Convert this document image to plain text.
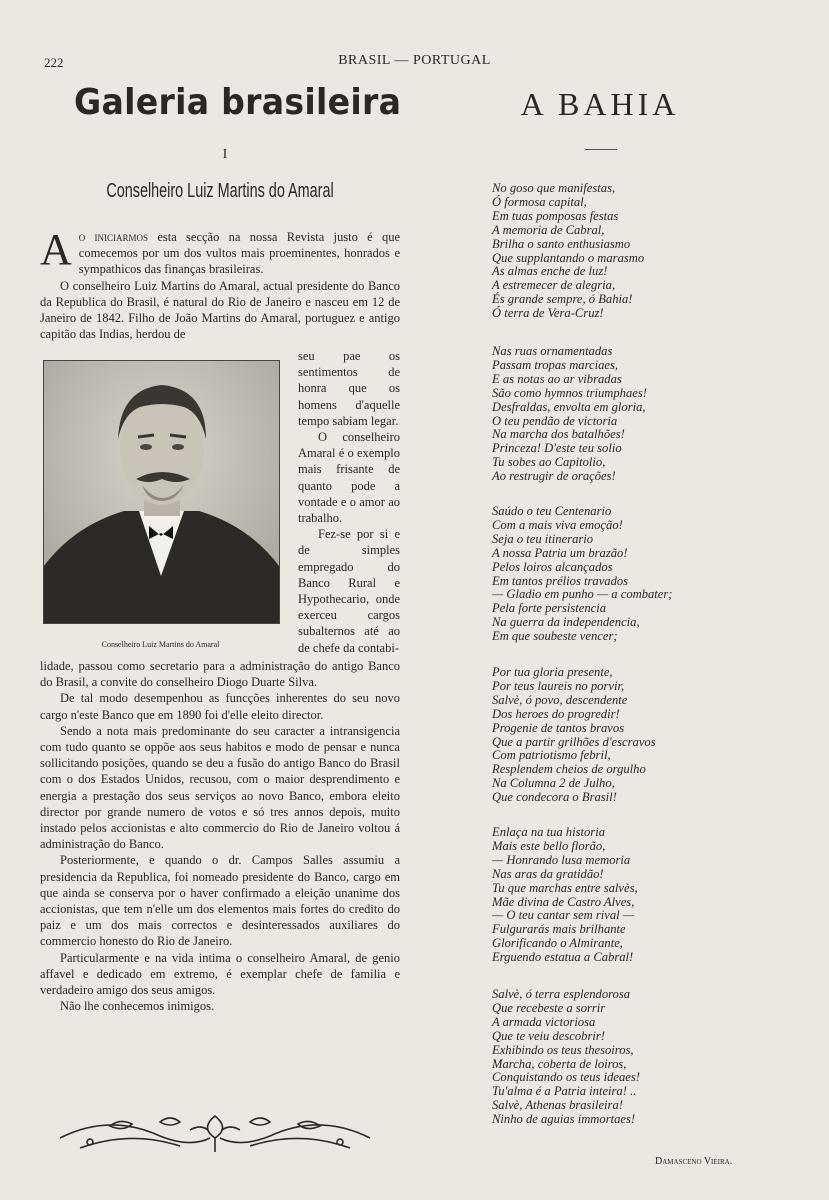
222	BRASIL — PORTUGAL
Galeria brasileira
I
Conselheiro Luiz Martins do Amaral
A o iniciarmos esta secção na nossa Revista justo é que comecemos por um dos vultos mais proeminentes, honrados e sympathicos das finanças brasileiras.

O conselheiro Luiz Martins do Amaral, actual presidente do Banco da Republica do Brasil, é natural do Rio de Janeiro e nasceu em 12 de Janeiro de 1842. Filho de João Martins do Amaral, portuguez e antigo capitão das Indias, herdou de

Conselheiro Luiz Martins do Amaral

seu pae os sentimentos de honra que os homens d'aquelle tempo sabiam legar.

O conselheiro Amaral é o exemplo mais frisante de quanto pode a vontade e o amor ao trabalho.

Fez-se por si e de simples empregado do Banco Rural e Hypothecario, onde exerceu cargos subalternos até ao de chefe da contabi-

lidade, passou como secretario para a administração do antigo Banco do Brasil, a convite do conselheiro Diogo Duarte Silva.

De tal modo desempenhou as funcções inherentes do seu novo cargo n'este Banco que em 1890 foi d'elle eleito director.

Sendo a nota mais predominante do seu caracter a intransigencia com tudo quanto se oppõe aos seus habitos e modo de pensar e nunca sollicitando posições, quando se deu a fusão do antigo Banco do Brasil com o dos Estados Unidos, recusou, com o maior desprendimento e energia a prestação dos seus serviços ao novo Banco, embora eleito director por grande numero de votos e só tres annos depois, muito instado pelos accionistas e alto commercio do Rio de Janeiro voltou á administração do Banco.

Posteriormente, e quando o dr. Campos Salles assumiu a presidencia da Republica, foi nomeado presidente do Banco, cargo em que ainda se conserva por o haver confirmado a eleição unanime dos accionistas, que tem n'elle um dos elementos mais fortes do credito do paiz e um dos mais correctos e desinteressados auxiliares do commercio honesto do Rio de Janeiro.

Particularmente e na vida intima o conselheiro Amaral, de genio affavel e dedicado em extremo, é exemplar chefe de familia e verdadeiro amigo dos seus amigos.

Não lhe conhecemos inimigos.

A BAHIA
No goso que manifestas,
Ó formosa capital,
Em tuas pomposas festas
A memoria de Cabral,
Brilha o santo enthusiasmo
Que supplantando o marasmo
As almas enche de luz!
A estremecer de alegria,
És grande sempre, ó Bahia!
Ó terra de Vera-Cruz!
Nas ruas ornamentadas
Passam tropas marciaes,
E as notas ao ar vibradas
São como hymnos triumphaes!
Desfraldas, envolta em gloria,
O teu pendão de victoria
Na marcha dos batalhões!
Princeza! D'este teu solio
Tu sobes ao Capitolio,
Ao restrugir de orações!
Saúdo o teu Centenario
Com a mais viva emoção!
Seja o teu itinerario
A nossa Patria um brazão!
Pelos loiros alcançados
Em tantos prélios travados
— Gladio em punho — a combater;
Pela forte persistencia
Na guerra da independencia,
Em que soubeste vencer;
Por tua gloria presente,
Por teus laureis no porvir,
Salvè, ó povo, descendente
Dos heroes do progredir!
Progenie de tantos bravos
Que a partir grilhões d'escravos
Com patriotismo febril,
Resplendem cheios de orgulho
Na Columna 2 de Julho,
Que condecora o Brasil!
Enlaça na tua historia
Mais este bello florão,
— Honrando lusa memoria
Nas aras da gratidão!
Tu que marchas entre salvès,
Mãe divina de Castro Alves,
— O teu cantar sem rival —
Fulgurarás mais brilhante
Glorificando o Almirante,
Erguendo estatua a Cabral!
Salvè, ó terra esplendorosa
Que recebeste a sorrir
A armada victoriosa
Que te veiu descobrir!
Exhibindo os teus thesoiros,
Marcha, coberta de loiros,
Conquistando os teus ideaes!
Tu'alma é a Patria inteira! ..
Salvè, Athenas brasileira!
Ninho de aguias immortaes!
Damasceno Vieira.
